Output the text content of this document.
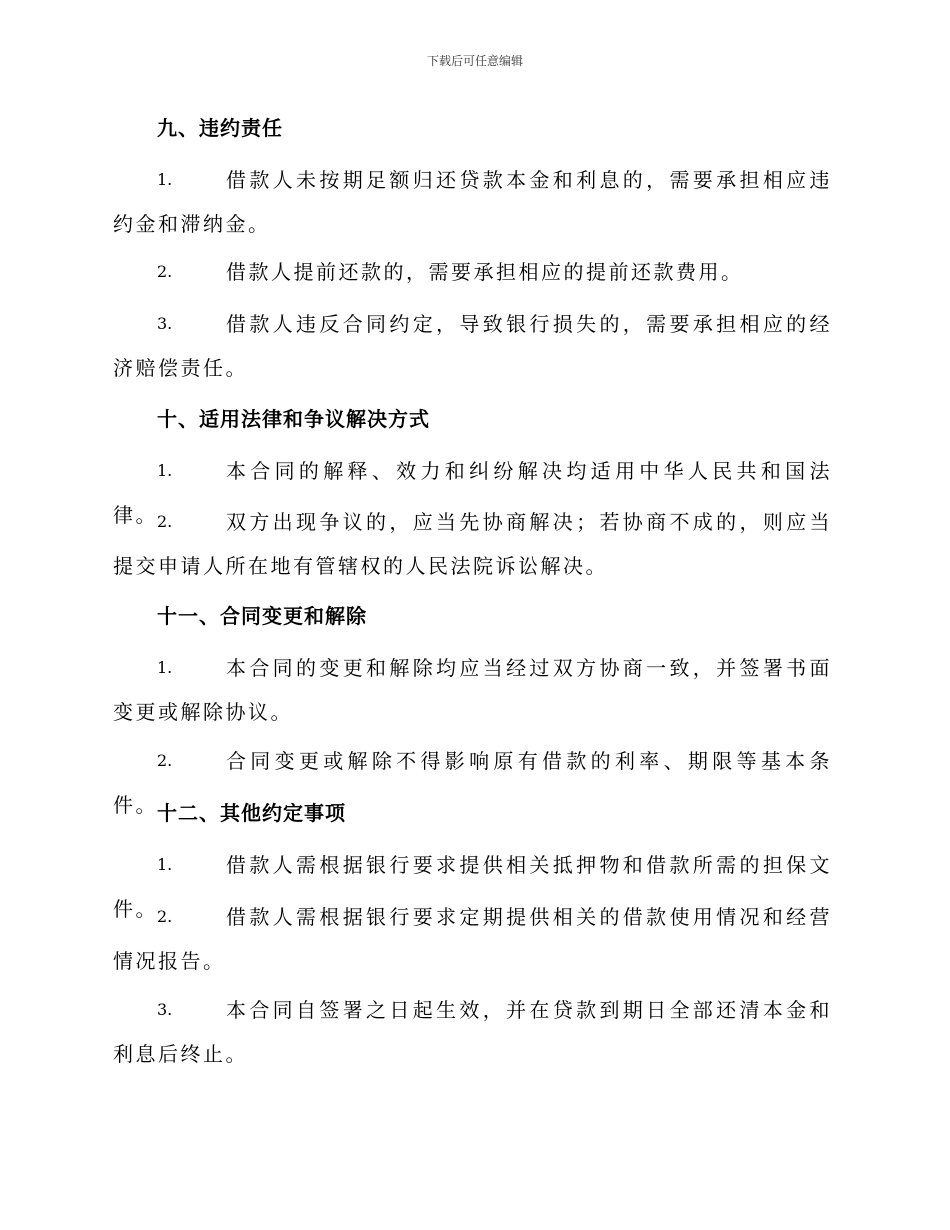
下载后可任意编辑
九、违约责任
1.	借款人未按期足额归还贷款本金和利息的，需要承担相应违约金和滞纳金。
2.	借款人提前还款的，需要承担相应的提前还款费用。
3.	借款人违反合同约定，导致银行损失的，需要承担相应的经济赔偿责任。
十、适用法律和争议解决方式
1.	本合同的解释、效力和纠纷解决均适用中华人民共和国法律。 2.	双方出现争议的，应当先协商解决；若协商不成的，则应当提交申请人所在地有管辖权的人民法院诉讼解决。
十一、合同变更和解除
1.	本合同的变更和解除均应当经过双方协商一致，并签署书面变更或解除协议。
2.	合同变更或解除不得影响原有借款的利率、期限等基本条件。 十二、其他约定事项
1.	借款人需根据银行要求提供相关抵押物和借款所需的担保文件。 2.	借款人需根据银行要求定期提供相关的借款使用情况和经营情况报告。
3.	本合同自签署之日起生效，并在贷款到期日全部还清本金和利息后终止。
